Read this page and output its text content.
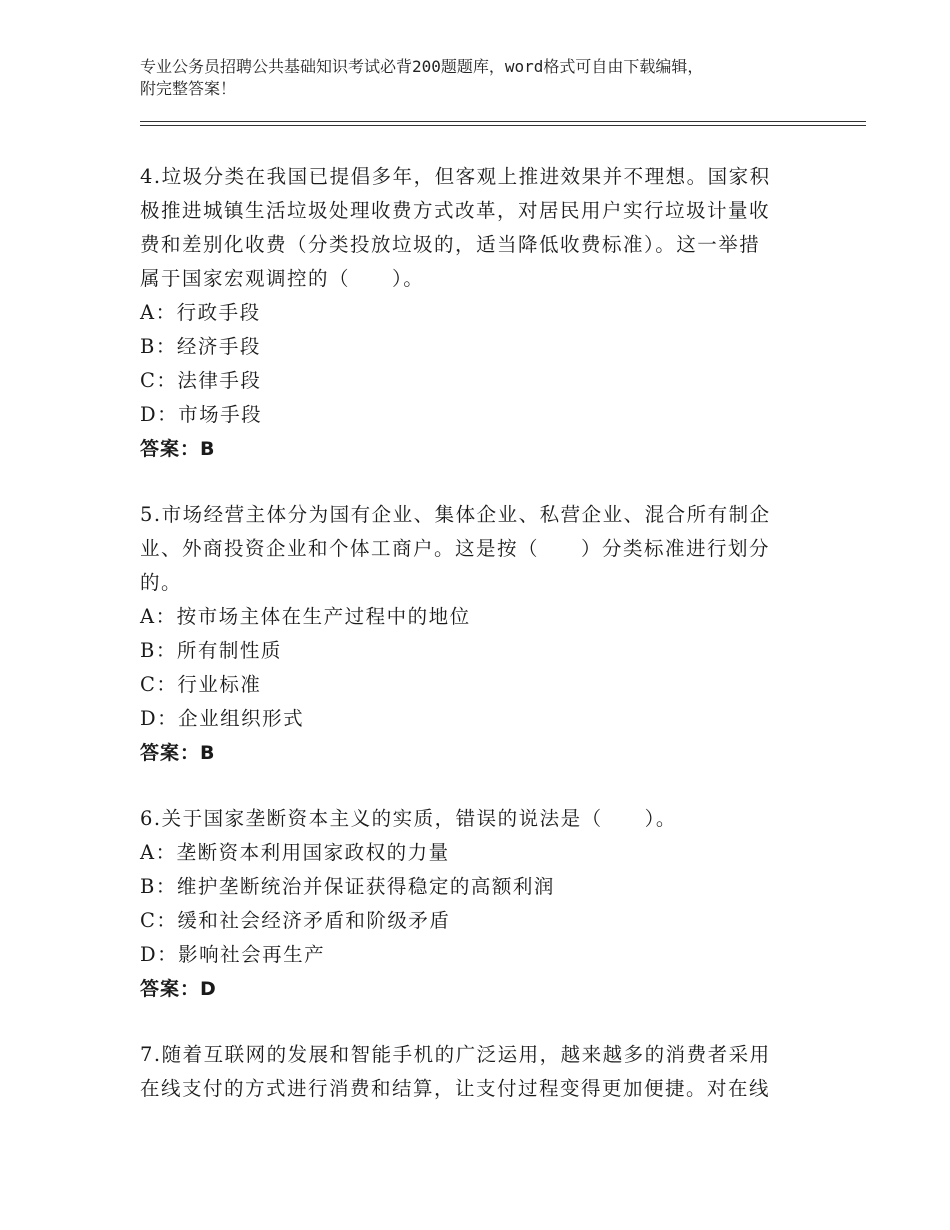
专业公务员招聘公共基础知识考试必背200题题库，word格式可自由下载编辑，
附完整答案！
4.垃圾分类在我国已提倡多年，但客观上推进效果并不理想。国家积
极推进城镇生活垃圾处理收费方式改革，对居民用户实行垃圾计量收
费和差别化收费（分类投放垃圾的，适当降低收费标准）。这一举措
属于国家宏观调控的（　　）。
A：行政手段
B：经济手段
C：法律手段
D：市场手段
答案：B
5.市场经营主体分为国有企业、集体企业、私营企业、混合所有制企
业、外商投资企业和个体工商户。这是按（　　）分类标准进行划分
的。
A：按市场主体在生产过程中的地位
B：所有制性质
C：行业标准
D：企业组织形式
答案：B
6.关于国家垄断资本主义的实质，错误的说法是（　　）。
A：垄断资本利用国家政权的力量
B：维护垄断统治并保证获得稳定的高额利润
C：缓和社会经济矛盾和阶级矛盾
D：影响社会再生产
答案：D
7.随着互联网的发展和智能手机的广泛运用，越来越多的消费者采用
在线支付的方式进行消费和结算，让支付过程变得更加便捷。对在线
